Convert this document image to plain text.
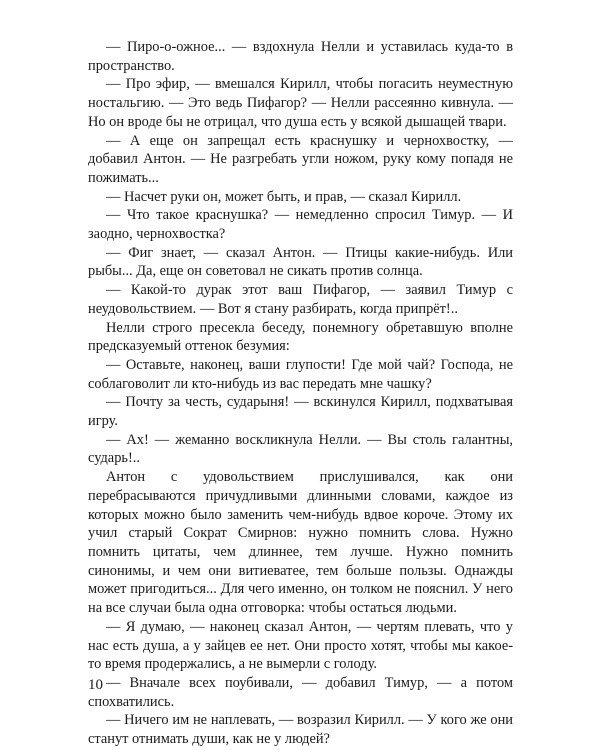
— Пиро-о-ожное... — вздохнула Нелли и уставилась куда-то в пространство.

— Про эфир, — вмешался Кирилл, чтобы погасить неуместную ностальгию. — Это ведь Пифагор? — Нелли рассеянно кивнула. — Но он вроде бы не отрицал, что душа есть у всякой дышащей твари.

— А еще он запрещал есть краснушку и чернохвостку, — добавил Антон. — Не разгребать угли ножом, руку кому попадя не пожимать...

— Насчет руки он, может быть, и прав, — сказал Кирилл.

— Что такое краснушка? — немедленно спросил Тимур. — И заодно, чернохвостка?

— Фиг знает, — сказал Антон. — Птицы какие-нибудь. Или рыбы... Да, еще он советовал не сикать против солнца.

— Какой-то дурак этот ваш Пифагор, — заявил Тимур с неудовольствием. — Вот я стану разбирать, когда припрёт!..

Нелли строго пресекла беседу, понемногу обретавшую вполне предсказуемый оттенок безумия:

— Оставьте, наконец, ваши глупости! Где мой чай? Господа, не соблаговолит ли кто-нибудь из вас передать мне чашку?

— Почту за честь, сударыня! — вскинулся Кирилл, подхватывая игру.

— Ах! — жеманно воскликнула Нелли. — Вы столь галантны, сударь!..

Антон с удовольствием прислушивался, как они перебрасываются причудливыми длинными словами, каждое из которых можно было заменить чем-нибудь вдвое короче. Этому их учил старый Сократ Смирнов: нужно помнить слова. Нужно помнить цитаты, чем длиннее, тем лучше. Нужно помнить синонимы, и чем они витиеватее, тем больше пользы. Однажды может пригодиться... Для чего именно, он толком не пояснил. У него на все случаи была одна отговорка: чтобы остаться людьми.

— Я думаю, — наконец сказал Антон, — чертям плевать, что у нас есть душа, а у зайцев ее нет. Они просто хотят, чтобы мы какое-то время продержались, а не вымерли с голоду.

— Вначале всех поубивали, — добавил Тимур, — а потом спохватились.

— Ничего им не наплевать, — возразил Кирилл. — У кого же они станут отнимать души, как не у людей?

10
